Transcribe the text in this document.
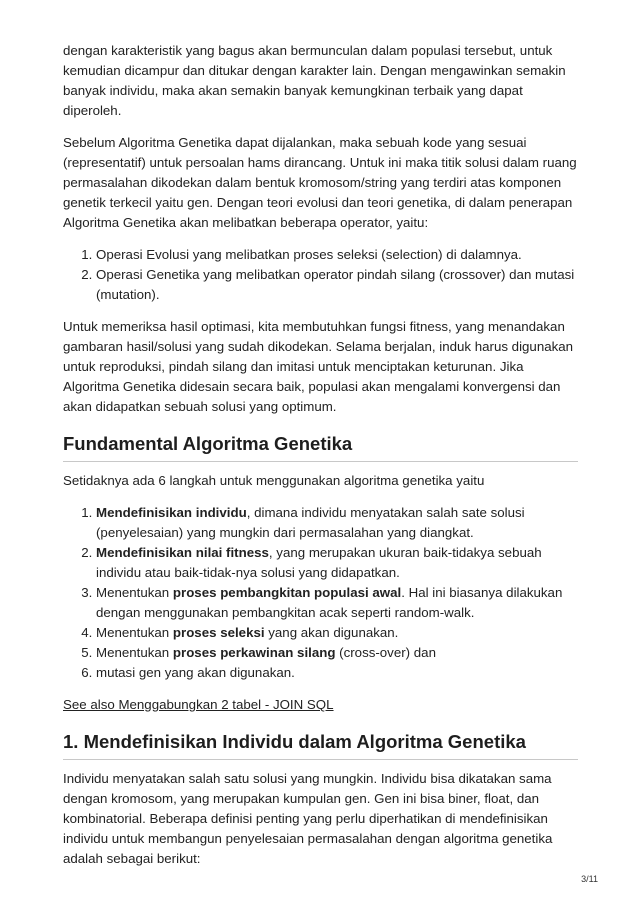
dengan karakteristik yang bagus akan bermunculan dalam populasi tersebut, untuk kemudian dicampur dan ditukar dengan karakter lain. Dengan mengawinkan semakin banyak individu, maka akan semakin banyak kemungkinan terbaik yang dapat diperoleh.

Sebelum Algoritma Genetika dapat dijalankan, maka sebuah kode yang sesuai (representatif) untuk persoalan hams dirancang. Untuk ini maka titik solusi dalam ruang permasalahan dikodekan dalam bentuk kromosom/string yang terdiri atas komponen genetik terkecil yaitu gen. Dengan teori evolusi dan teori genetika, di dalam penerapan Algoritma Genetika akan melibatkan beberapa operator, yaitu:

1. Operasi Evolusi yang melibatkan proses seleksi (selection) di dalamnya.
2. Operasi Genetika yang melibatkan operator pindah silang (crossover) dan mutasi (mutation).

Untuk memeriksa hasil optimasi, kita membutuhkan fungsi fitness, yang menandakan gambaran hasil/solusi yang sudah dikodekan. Selama berjalan, induk harus digunakan untuk reproduksi, pindah silang dan imitasi untuk menciptakan keturunan. Jika Algoritma Genetika didesain secara baik, populasi akan mengalami konvergensi dan akan didapatkan sebuah solusi yang optimum.

Fundamental Algoritma Genetika

Setidaknya ada 6 langkah untuk menggunakan algoritma genetika yaitu

1. Mendefinisikan individu, dimana individu menyatakan salah sate solusi (penyelesaian) yang mungkin dari permasalahan yang diangkat.
2. Mendefinisikan nilai fitness, yang merupakan ukuran baik-tidakya sebuah individu atau baik-tidak-nya solusi yang didapatkan.
3. Menentukan proses pembangkitan populasi awal. Hal ini biasanya dilakukan dengan menggunakan pembangkitan acak seperti random-walk.
4. Menentukan proses seleksi yang akan digunakan.
5. Menentukan proses perkawinan silang (cross-over) dan
6. mutasi gen yang akan digunakan.

See also Menggabungkan 2 tabel - JOIN SQL

1. Mendefinisikan Individu dalam Algoritma Genetika

Individu menyatakan salah satu solusi yang mungkin. Individu bisa dikatakan sama dengan kromosom, yang merupakan kumpulan gen. Gen ini bisa biner, float, dan kombinatorial. Beberapa definisi penting yang perlu diperhatikan di mendefinisikan individu untuk membangun penyelesaian permasalahan dengan algoritma genetika adalah sebagai berikut:

3/11
